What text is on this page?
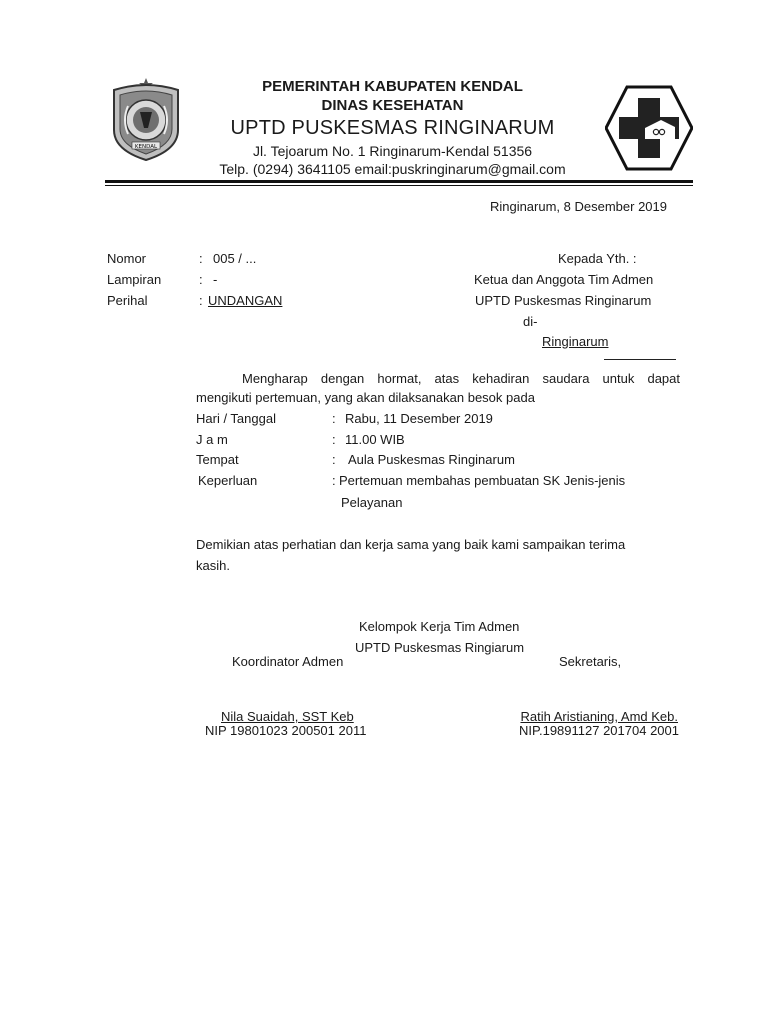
KENDAL
PEMERINTAH KABUPATEN KENDAL
DINAS KESEHATAN
UPTD PUSKESMAS RINGINARUM
Jl. Tejoarum No. 1 Ringinarum-Kendal 51356
Telp. (0294) 3641105 email:puskringinarum@gmail.com
Ringinarum, 8 Desember 2019
Nomor	: 005 / ...
Lampiran	: -
Perihal	: UNDANGAN
Kepada Yth. :
Ketua dan Anggota Tim Admen
UPTD Puskesmas Ringinarum
di-
Ringinarum
Mengharap dengan hormat, atas kehadiran saudara untuk dapat
mengikuti pertemuan, yang akan dilaksanakan besok pada
Hari / Tanggal	: Rabu, 11 Desember 2019
J a m	: 11.00 WIB
Tempat	: Aula Puskesmas Ringinarum
Keperluan	: Pertemuan membahas pembuatan SK Jenis-jenis
Pelayanan
Demikian atas perhatian dan kerja sama yang baik kami sampaikan terima
kasih.
Kelompok Kerja Tim Admen
UPTD Puskesmas Ringiarum
Koordinator Admen	Sekretaris,
Nila Suaidah, SST Keb
NIP 19801023 200501 2011
Ratih Aristianing, Amd Keb.
NIP.19891127 201704 2001
